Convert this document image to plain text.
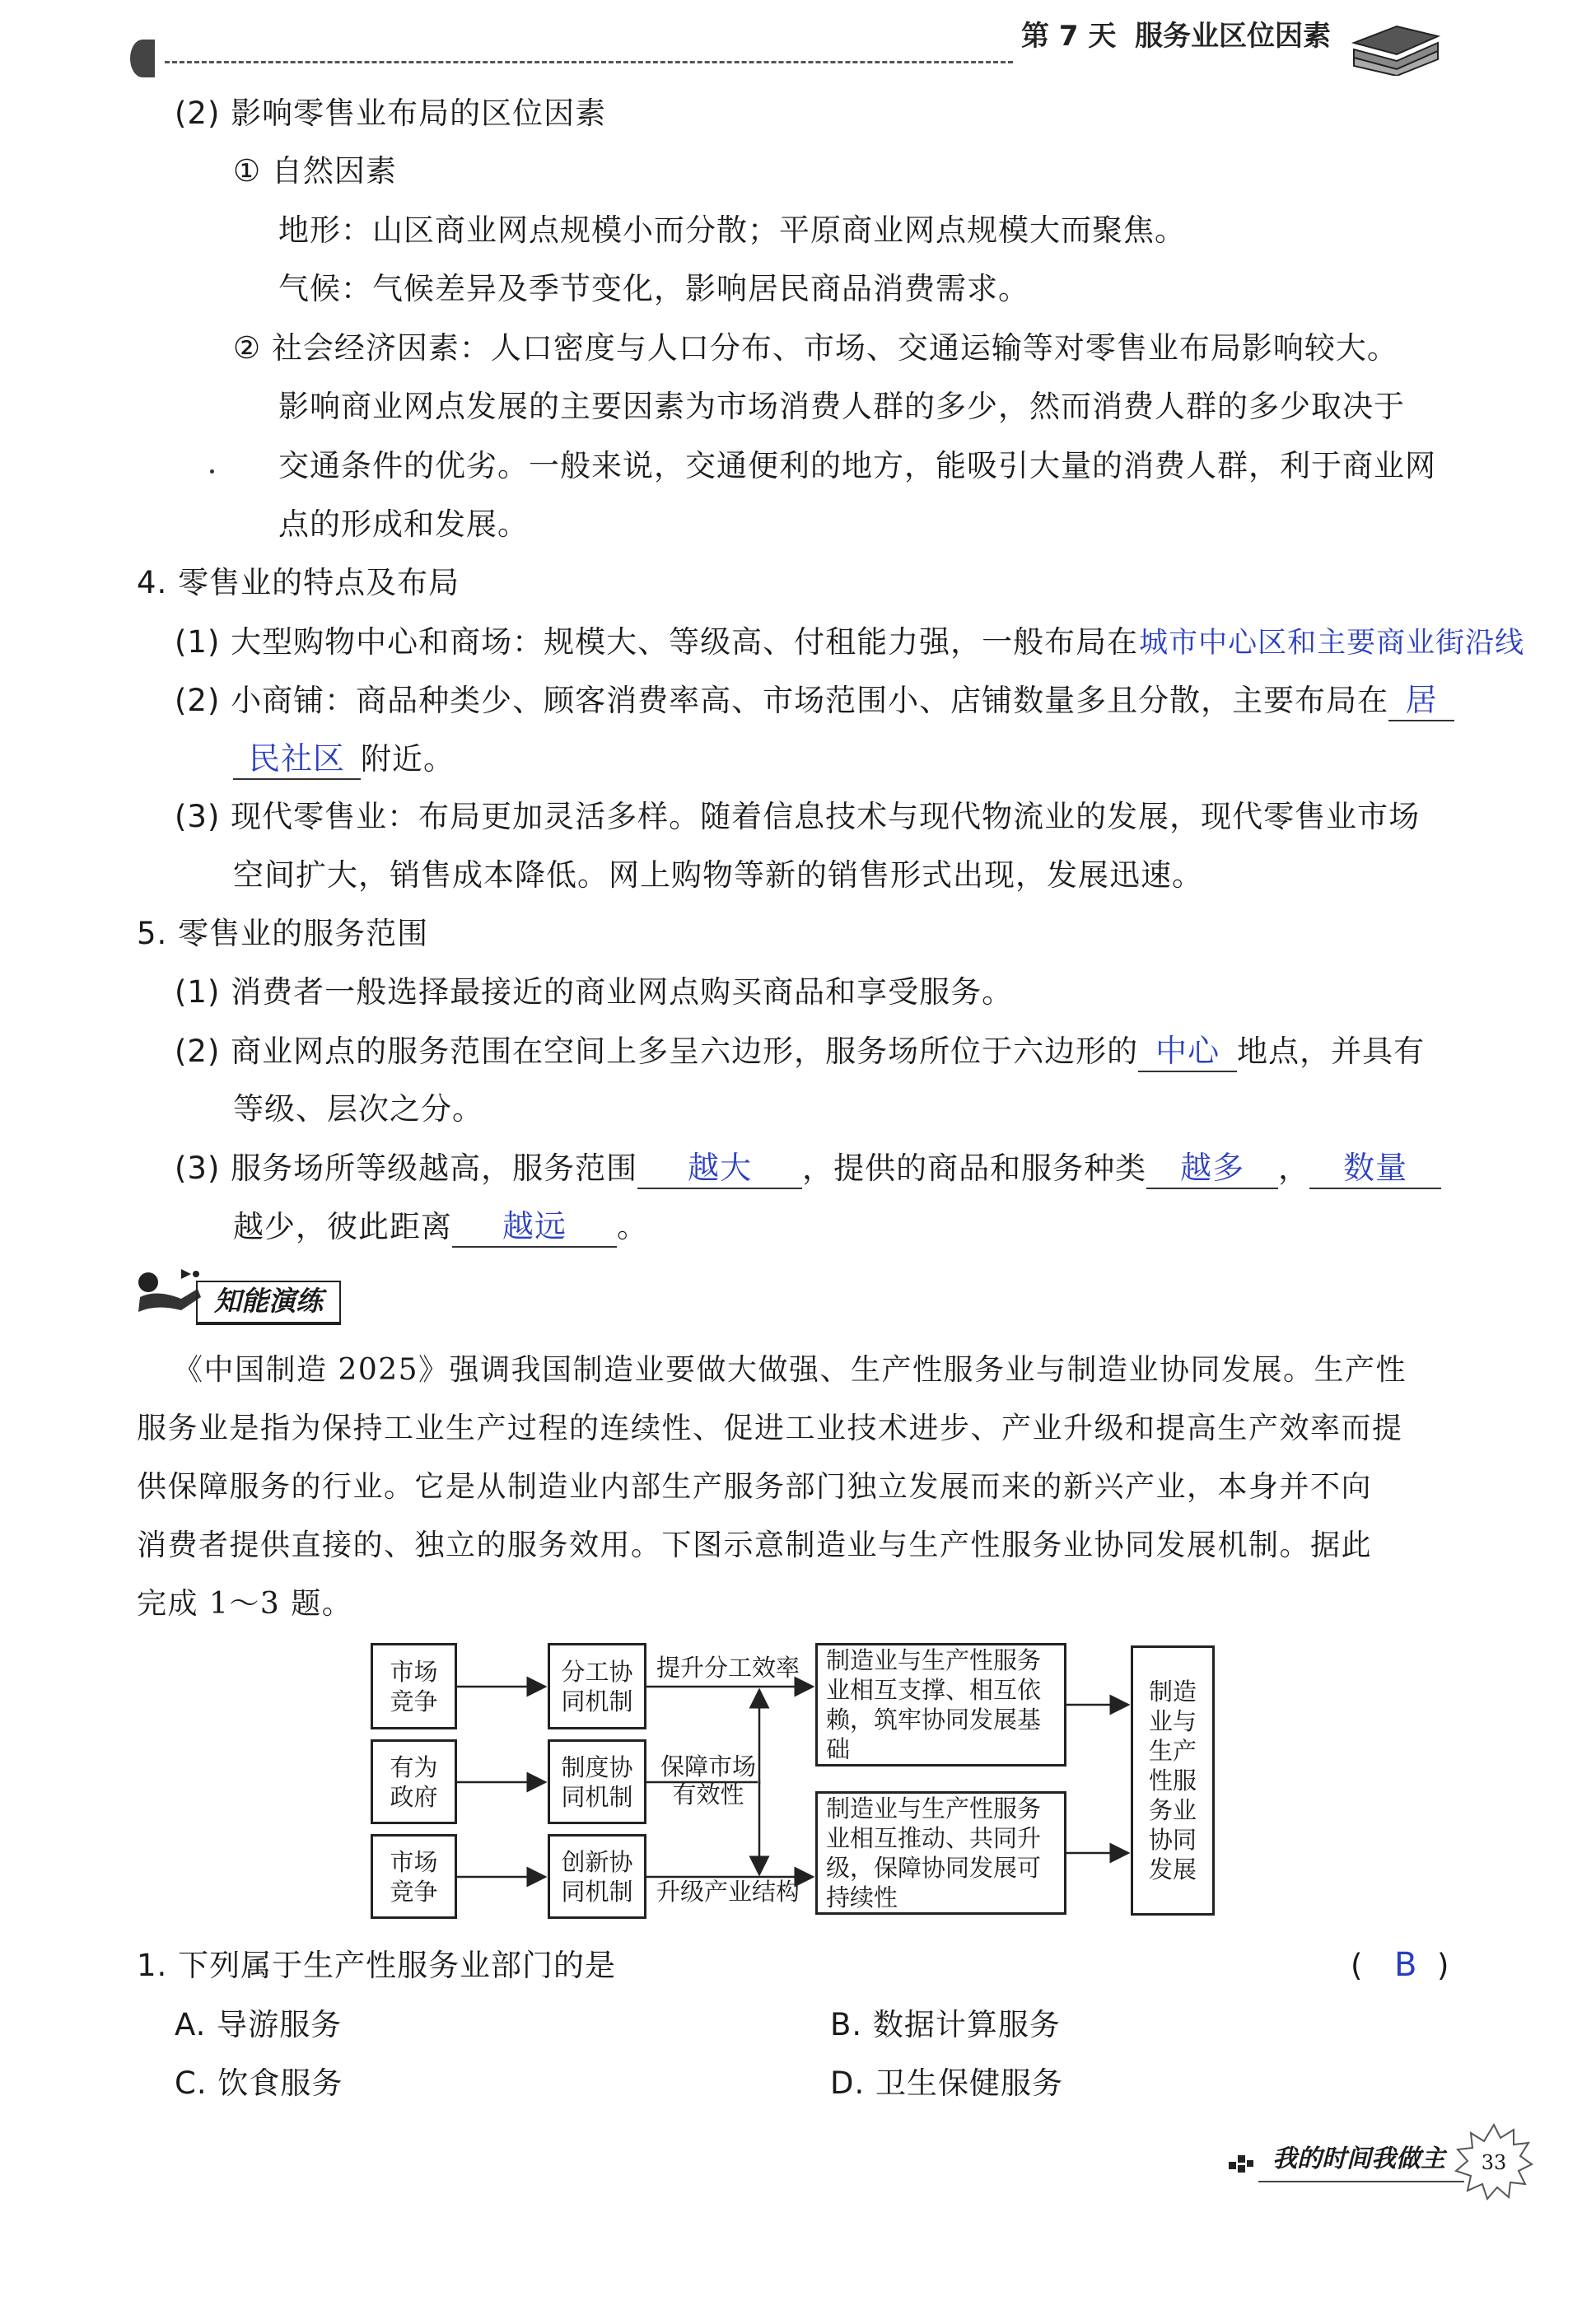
第 7 天 服务业区位因素
(2) 影响零售业布局的区位因素
① 自然因素
地形：山区商业网点规模小而分散；平原商业网点规模大而聚焦。
气候：气候差异及季节变化，影响居民商品消费需求。
② 社会经济因素：人口密度与人口分布、市场、交通运输等对零售业布局影响较大。
影响商业网点发展的主要因素为市场消费人群的多少，然而消费人群的多少取决于
交通条件的优劣。一般来说，交通便利的地方，能吸引大量的消费人群，利于商业网
点的形成和发展。
4. 零售业的特点及布局
(1) 大型购物中心和商场：规模大、等级高、付租能力强，一般布局在城市中心区和主要商业街沿线
(2) 小商铺：商品种类少、顾客消费率高、市场范围小、店铺数量多且分散，主要布局在 居
民社区 附近。
(3) 现代零售业：布局更加灵活多样。随着信息技术与现代物流业的发展，现代零售业市场
空间扩大，销售成本降低。网上购物等新的销售形式出现，发展迅速。
5. 零售业的服务范围
(1) 消费者一般选择最接近的商业网点购买商品和享受服务。
(2) 商业网点的服务范围在空间上多呈六边形，服务场所位于六边形的 中心 地点，并具有
等级、层次之分。
(3) 服务场所等级越高，服务范围 越大 ，提供的商品和服务种类 越多 ， 数量
越少，彼此距离 越远 。
知能演练
《中国制造 2025》强调我国制造业要做大做强、生产性服务业与制造业协同发展。生产性
服务业是指为保持工业生产过程的连续性、促进工业技术进步、产业升级和提高生产效率而提
供保障服务的行业。它是从制造业内部生产服务部门独立发展而来的新兴产业，本身并不向
消费者提供直接的、独立的服务效用。下图示意制造业与生产性服务业协同发展机制。据此
完成 1～3 题。
市场竞争
有为政府
市场竞争
分工协同机制
制度协同机制
创新协同机制
制造业与生产性服务业相互支撑、相互依赖，筑牢协同发展基础
制造业与生产性服务业相互推动、共同升级，保障协同发展可持续性
制造业与生产性服务业协同发展
提升分工效率
保障市场有效性
升级产业结构
1. 下列属于生产性服务业部门的是	( B )
A. 导游服务	B. 数据计算服务
C. 饮食服务	D. 卫生保健服务
我的时间我做主 33
